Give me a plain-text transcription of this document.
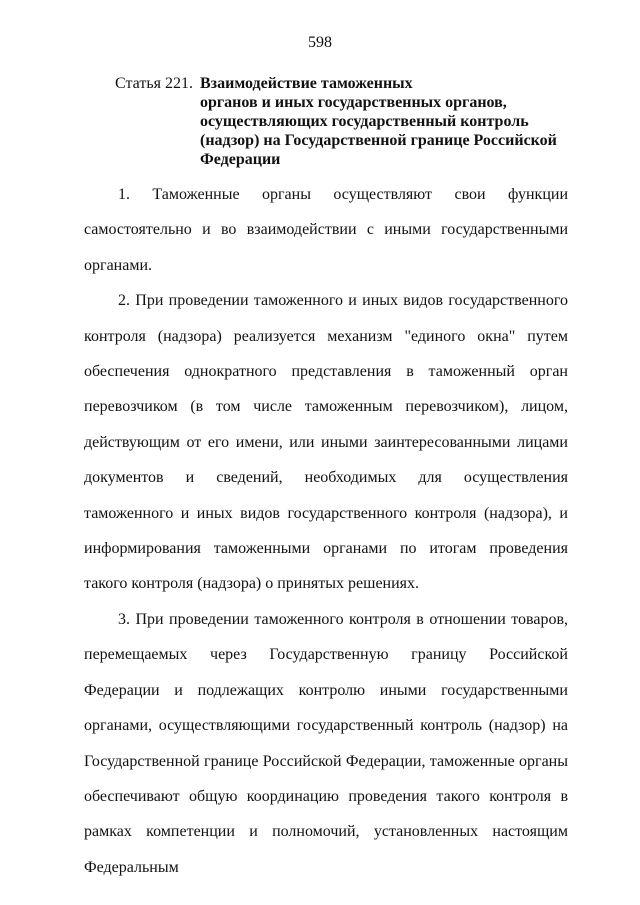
598
Статья 221. Взаимодействие таможенных
органов и иных государственных органов,
осуществляющих государственный контроль
(надзор) на Государственной границе Российской
Федерации

1. Таможенные органы осуществляют свои функции самостоятельно и во взаимодействии с иными государственными органами.

2. При проведении таможенного и иных видов государственного контроля (надзора) реализуется механизм "единого окна" путем обеспечения однократного представления в таможенный орган перевозчиком (в том числе таможенным перевозчиком), лицом, действующим от его имени, или иными заинтересованными лицами документов и сведений, необходимых для осуществления таможенного и иных видов государственного контроля (надзора), и информирования таможенными органами по итогам проведения такого контроля (надзора) о принятых решениях.

3. При проведении таможенного контроля в отношении товаров, перемещаемых через Государственную границу Российской Федерации и подлежащих контролю иными государственными органами, осуществляющими государственный контроль (надзор) на Государственной границе Российской Федерации, таможенные органы обеспечивают общую координацию проведения такого контроля в рамках компетенции и полномочий, установленных настоящим Федеральным
